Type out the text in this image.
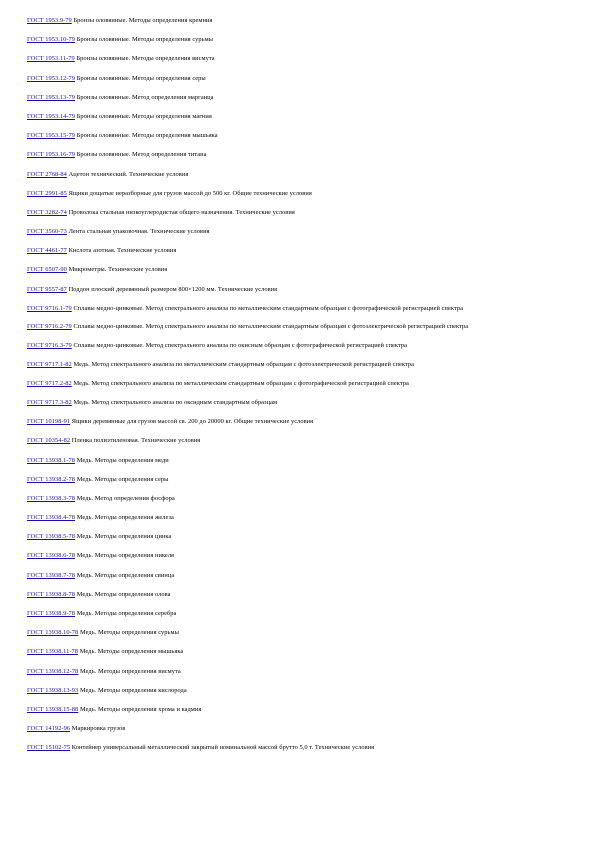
ГОСТ 1953.9-79 Бронзы оловянные. Методы определения кремния
ГОСТ 1953.10-79 Бронзы оловянные. Методы определения сурьмы
ГОСТ 1953.11-79 Бронзы оловянные. Методы определения висмута
ГОСТ 1953.12-79 Бронзы оловянные. Методы определения серы
ГОСТ 1953.13-79 Бронзы оловянные. Метод определения марганца
ГОСТ 1953.14-79 Бронзы оловянные. Методы определения магния
ГОСТ 1953.15-79 Бронзы оловянные. Методы определения мышьяка
ГОСТ 1953.16-79 Бронзы оловянные. Метод определения титана
ГОСТ 2768-84 Ацетон технический. Технические условия
ГОСТ 2991-85 Ящики дощатые неразборные для грузов массой до 500 кг. Общие технические условия
ГОСТ 3282-74 Проволока стальная низкоуглеродистая общего назначения. Технические условия
ГОСТ 3560-73 Лента стальная упаковочная. Технические условия
ГОСТ 4461-77 Кислота азотная. Технические условия
ГОСТ 6507-90 Микрометры. Технические условия
ГОСТ 9557-87 Поддон плоский деревянный размером 800×1200 мм. Технические условия
ГОСТ 9716.1-79 Сплавы медно-цинковые. Метод спектрального анализа по металлическим стандартным образцам с фотографической регистрацией спектра
ГОСТ 9716.2-79 Сплавы медно-цинковые. Метод спектрального анализа по металлическим стандартным образцам с фотоэлектрической регистрацией спектра
ГОСТ 9716.3-79 Сплавы медно-цинковые. Метод спектрального анализа по окисным образцам с фотографической регистрацией спектра
ГОСТ 9717.1-82 Медь. Метод спектрального анализа по металлическим стандартным образцам с фотоэлектрической регистрацией спектра
ГОСТ 9717.2-82 Медь. Метод спектрального анализа по металлическим стандартным образцам с фотографической регистрацией спектра
ГОСТ 9717.3-82 Медь. Метод спектрального анализа по оксидным стандартным образцам
ГОСТ 10198-91 Ящики деревянные для грузов массой св. 200 до 20000 кг. Общие технические условия
ГОСТ 10354-82 Пленка полиэтиленовая. Технические условия
ГОСТ 13938.1-78 Медь. Методы определения меди
ГОСТ 13938.2-78 Медь. Методы определения серы
ГОСТ 13938.3-78 Медь. Метод определения фосфора
ГОСТ 13938.4-78 Медь. Методы определения железа
ГОСТ 13938.5-78 Медь. Методы определения цинка
ГОСТ 13938.6-78 Медь. Методы определения никеля
ГОСТ 13938.7-78 Медь. Методы определения свинца
ГОСТ 13938.8-78 Медь. Методы определения олова
ГОСТ 13938.9-78 Медь. Методы определения серебра
ГОСТ 13938.10-78 Медь. Методы определения сурьмы
ГОСТ 13938.11-78 Медь. Методы определения мышьяка
ГОСТ 13938.12-78 Медь. Методы определения висмута
ГОСТ 13938.13-93 Медь. Методы определения кислорода
ГОСТ 13938.15-88 Медь. Методы определения хрома и кадмия
ГОСТ 14192-96 Маркировка грузов
ГОСТ 15102-75 Контейнер универсальный металлический закрытый номинальной массой брутто 5,0 т. Технические условия
